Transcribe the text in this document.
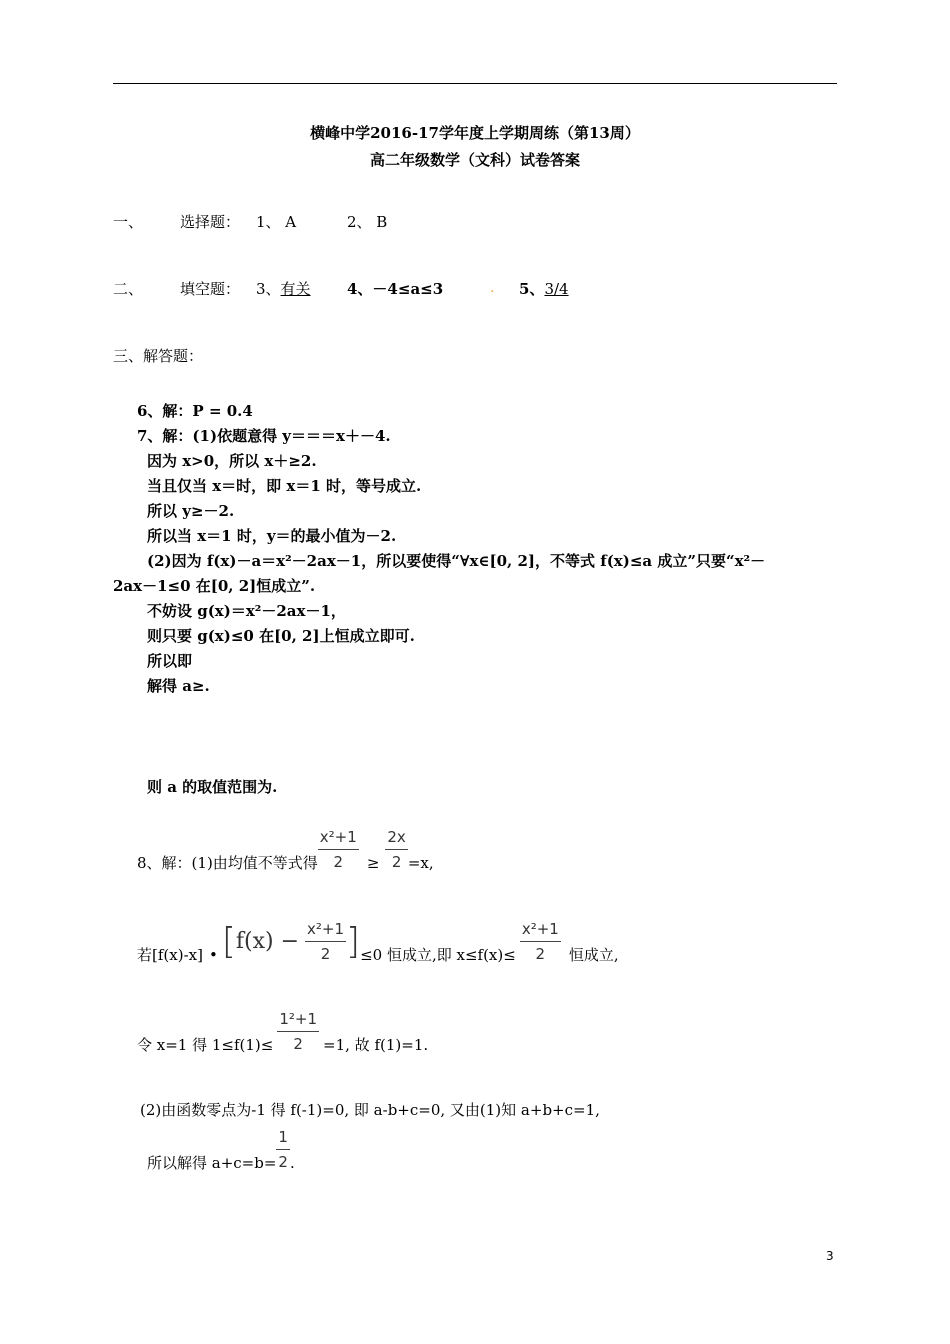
横峰中学2016-17学年度上学期周练（第13周）
高二年级数学（文科）试卷答案
一、 选择题： 1、 A	2、 B
二、 填空题： 3、有关	4、－4≤a≤3	. 5、3/4
三、解答题：
6、解：P = 0.4
7、解：(1)依题意得 y＝＝＝x＋－4.
因为 x>0，所以 x＋≥2.
当且仅当 x＝时，即 x＝1 时，等号成立.
所以 y≥－2.
所以当 x＝1 时，y＝的最小值为－2.
(2)因为 f(x)－a＝x²－2ax－1，所以要使得“∀x∈[0, 2]，不等式 f(x)≤a 成立”只要“x²－
2ax－1≤0 在[0, 2]恒成立”.
不妨设 g(x)＝x²－2ax－1，
则只要 g(x)≤0 在[0, 2]上恒成立即可.
所以即
解得 a≥.
则 a 的取值范围为.
8、解：(1)由均值不等式得 $\frac{\text{x²+1}}{2} \ge \frac{2x}{2} =x$,
若[f(x)-x] • [ $f(x) - \frac{\text{x²+1}}{2}$ ] ≤0 恒成立,即 $x\le f(x)\le \frac{\text{x²+1}}{2}$ 恒成立,
令 x=1 得 $1\le f(1)\le \frac{\text{1²+1}}{2} =1$, 故 f(1)=1.
(2)由函数零点为-1 得 f(-1)=0, 即 a-b+c=0, 又由(1)知 a+b+c=1,
所以解得 $a+c=b= \frac{1}{2}$ .
3
